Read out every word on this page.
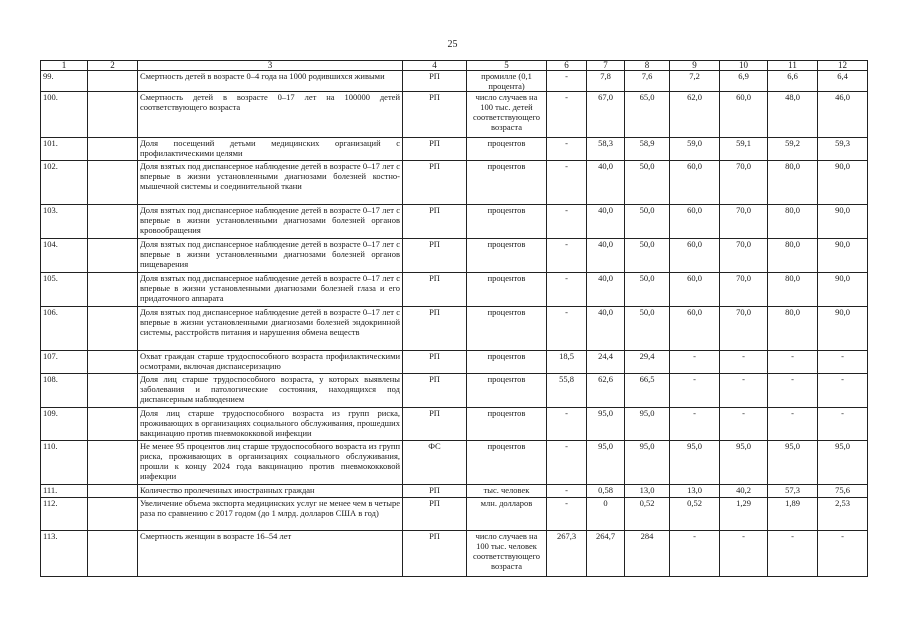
25
1	2	3	4	5	6	7	8	9	10	11	12
99.		Смертность детей в возрасте 0–4 года на 1000 родившихся живыми	РП	промилле (0,1 процента)	-	7,8	7,6	7,2	6,9	6,6	6,4
100.		Смертность детей в возрасте 0–17 лет на 100000 детей соответствующего возраста	РП	число случаев на 100 тыс. детей соответствующего возраста	-	67,0	65,0	62,0	60,0	48,0	46,0
101.		Доля посещений детьми медицинских организаций с профилактическими целями	РП	процентов	-	58,3	58,9	59,0	59,1	59,2	59,3
102.		Доля взятых под диспансерное наблюдение детей в возрасте 0–17 лет с впервые в жизни установленными диагнозами болезней костно-мышечной системы и соединительной ткани	РП	процентов	-	40,0	50,0	60,0	70,0	80,0	90,0
103.		Доля взятых под диспансерное наблюдение детей в возрасте 0–17 лет с впервые в жизни установленными диагнозами болезней органов кровообращения	РП	процентов	-	40,0	50,0	60,0	70,0	80,0	90,0
104.		Доля взятых под диспансерное наблюдение детей в возрасте 0–17 лет с впервые в жизни установленными диагнозами болезней органов пищеварения	РП	процентов	-	40,0	50,0	60,0	70,0	80,0	90,0
105.		Доля взятых под диспансерное наблюдение детей в возрасте 0–17 лет с впервые в жизни установленными диагнозами болезней глаза и его придаточного аппарата	РП	процентов	-	40,0	50,0	60,0	70,0	80,0	90,0
106.		Доля взятых под диспансерное наблюдение детей в возрасте 0–17 лет с впервые в жизни установленными диагнозами болезней эндокринной системы, расстройств питания и нарушения обмена веществ	РП	процентов	-	40,0	50,0	60,0	70,0	80,0	90,0
107.		Охват граждан старше трудоспособного возраста профилактическими осмотрами, включая диспансеризацию	РП	процентов	18,5	24,4	29,4	-	-	-	-
108.		Доля лиц старше трудоспособного возраста, у которых выявлены заболевания и патологические состояния, находящихся под диспансерным наблюдением	РП	процентов	55,8	62,6	66,5	-	-	-	-
109.		Доля лиц старше трудоспособного возраста из групп риска, проживающих в организациях социального обслуживания, прошедших вакцинацию против пневмококковой инфекции	РП	процентов	-	95,0	95,0	-	-	-	-
110.		Не менее 95 процентов лиц старше трудоспособного возраста из групп риска, проживающих в организациях социального обслуживания, прошли к концу 2024 года вакцинацию против пневмококковой инфекции	ФС	процентов	-	95,0	95,0	95,0	95,0	95,0	95,0
111.		Количество пролеченных иностранных граждан	РП	тыс. человек	-	0,58	13,0	13,0	40,2	57,3	75,6
112.		Увеличение объема экспорта медицинских услуг не менее чем в четыре раза по сравнению с 2017 годом (до 1 млрд. долларов США в год)	РП	млн. долларов	-	0	0,52	0,52	1,29	1,89	2,53
113.		Смертность женщин в возрасте 16–54 лет	РП	число случаев на 100 тыс. человек соответствующего возраста	267,3	264,7	284	-	-	-	-
